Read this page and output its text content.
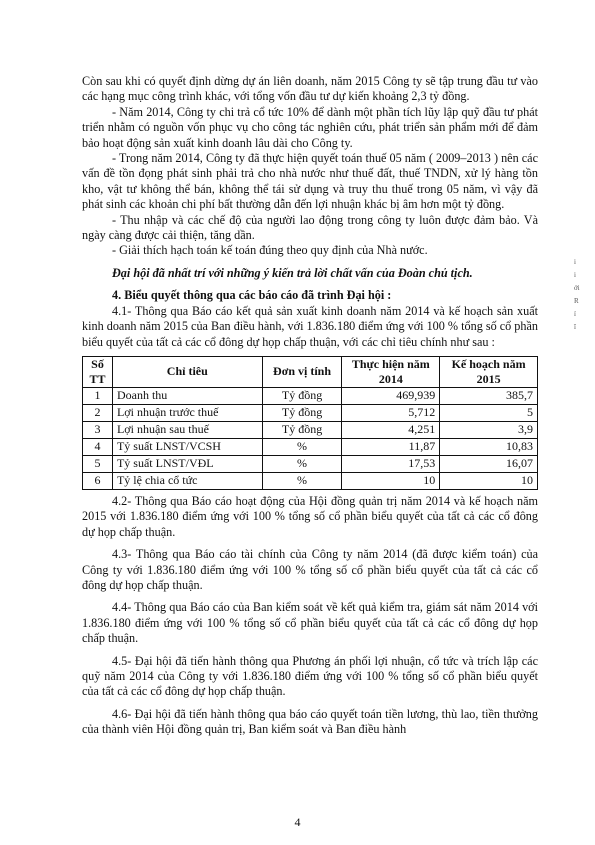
Còn sau khi có quyết định dừng dự án liên doanh, năm 2015 Công ty sẽ tập trung đầu tư vào các hạng mục công trình khác, với tổng vốn đầu tư dự kiến khoảng 2,3 tỷ đồng.

- Năm 2014, Công ty chi trả cổ tức 10% để dành một phần tích lũy lập quỹ đầu tư phát triển nhằm có nguồn vốn phục vụ cho công tác nghiên cứu, phát triển sản phẩm mới để đảm bảo hoạt động sản xuất kinh doanh lâu dài cho Công ty.

- Trong năm 2014, Công ty đã thực hiện quyết toán thuế 05 năm ( 2009–2013 ) nên các vấn đề tồn đọng phát sinh phải trả cho nhà nước như thuế đất, thuế TNDN, xử lý hàng tồn kho, vật tư không thể bán, không thể tái sử dụng và truy thu thuế trong 05 năm, vì vậy đã phát sinh các khoản chi phí bất thường dẫn đến lợi nhuận khác bị âm hơn một tỷ đồng.

- Thu nhập và các chế độ của người lao động trong công ty luôn được đảm bảo. Và ngày càng được cải thiện, tăng dần.

- Giải thích hạch toán kế toán đúng theo quy định của Nhà nước.

Đại hội đã nhất trí với những ý kiến trả lời chất vấn của Đoàn chủ tịch.

4. Biểu quyết thông qua các báo cáo đã trình Đại hội :

4.1- Thông qua Báo cáo kết quả sản xuất kinh doanh năm 2014 và kế hoạch sản xuất kinh doanh năm 2015 của Ban điều hành, với 1.836.180 điểm ứng với 100 % tổng số cổ phần biểu quyết của tất cả các cổ đông dự họp chấp thuận, với các chỉ tiêu chính như sau :

Số TT	Chỉ tiêu	Đơn vị tính	Thực hiện năm 2014	Kế hoạch năm 2015
1	Doanh thu	Tỷ đồng	469,939	385,7
2	Lợi nhuận trước thuế	Tỷ đồng	5,712	5
3	Lợi nhuận sau thuế	Tỷ đồng	4,251	3,9
4	Tỷ suất LNST/VCSH	%	11,87	10,83
5	Tỷ suất LNST/VĐL	%	17,53	16,07
6	Tỷ lệ chia cổ tức	%	10	10

4.2- Thông qua Báo cáo hoạt động của Hội đồng quản trị năm 2014 và kế hoạch năm 2015 với 1.836.180 điểm ứng với 100 % tổng số cổ phần biểu quyết của tất cả các cổ đông dự họp chấp thuận.

4.3- Thông qua Báo cáo tài chính của Công ty năm 2014 (đã được kiểm toán) của Công ty với 1.836.180 điểm ứng với 100 % tổng số cổ phần biểu quyết của tất cả các cổ đông dự họp chấp thuận.

4.4- Thông qua Báo cáo của Ban kiểm soát về kết quả kiểm tra, giám sát năm 2014 với 1.836.180 điểm ứng với 100 % tổng số cổ phần biểu quyết của tất cả các cổ đông dự họp chấp thuận.

4.5- Đại hội đã tiến hành thông qua Phương án phối lợi nhuận, cổ tức và trích lập các quỹ năm 2014 của Công ty với 1.836.180 điểm ứng với 100 % tổng số cổ phần biểu quyết của tất cả các cổ đông dự họp chấp thuận.

4.6- Đại hội đã tiến hành thông qua báo cáo quyết toán tiền lương, thù lao, tiền thưởng của thành viên Hội đồng quản trị, Ban kiểm soát và Ban điều hành

i
i
ới
R
í
ĩ
4
